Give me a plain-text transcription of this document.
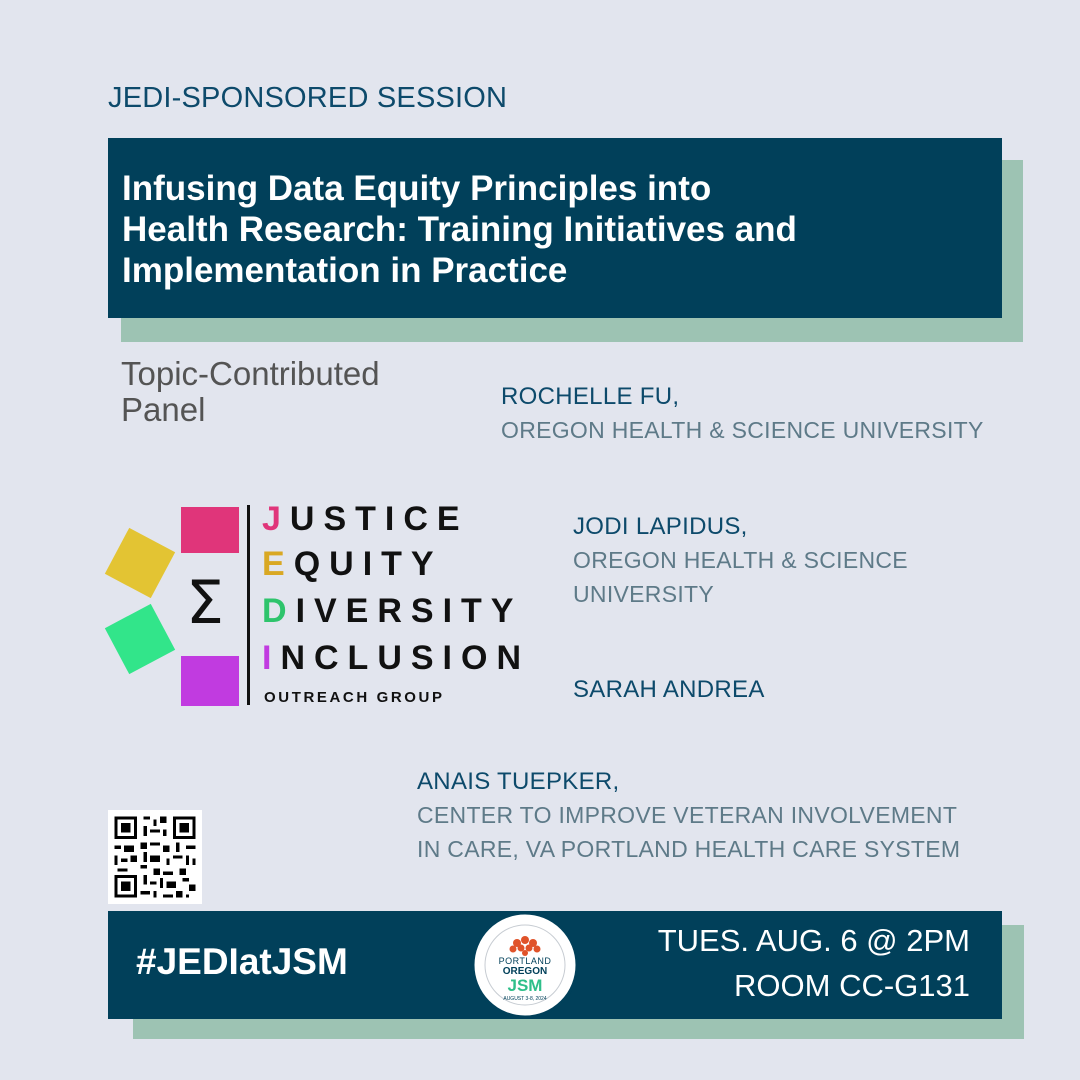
JEDI-SPONSORED SESSION
Infusing Data Equity Principles into
Health Research: Training Initiatives and
Implementation in Practice
Topic-Contributed Panel	ROCHELLE FU,
OREGON HEALTH & SCIENCE UNIVERSITY
JODI LAPIDUS,
OREGON HEALTH & SCIENCE
UNIVERSITY
SARAH ANDREA
ANAIS TUEPKER,
CENTER TO IMPROVE VETERAN INVOLVEMENT
IN CARE, VA PORTLAND HEALTH CARE SYSTEM
Σ
JUSTICE
EQUITY
DIVERSITY
INCLUSION
OUTREACH GROUP
#JEDIatJSM
TUES. AUG. 6 @ 2PM
ROOM CC-G131
PORTLAND
OREGON
JSM
AUGUST 3-8, 2024
